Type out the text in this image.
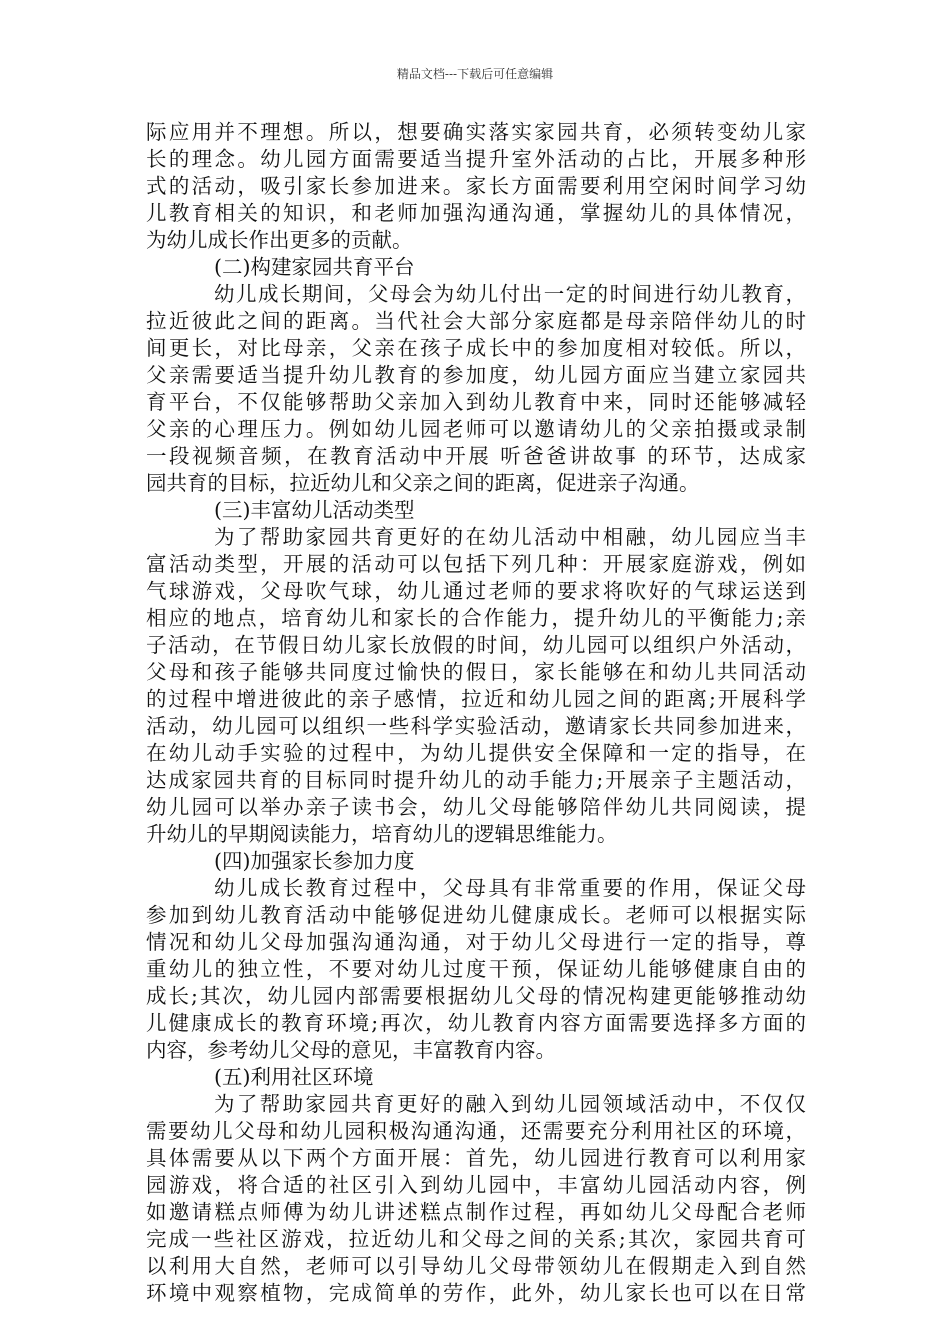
精品文档---下载后可任意编辑
际应用并不理想。所以，想要确实落实家园共育，必须转变幼儿家
长的理念。幼儿园方面需要适当提升室外活动的占比，开展多种形
式的活动，吸引家长参加进来。家长方面需要利用空闲时间学习幼
儿教育相关的知识，和老师加强沟通沟通，掌握幼儿的具体情况，
为幼儿成长作出更多的贡献。
(二)构建家园共育平台
幼儿成长期间，父母会为幼儿付出一定的时间进行幼儿教育，
拉近彼此之间的距离。当代社会大部分家庭都是母亲陪伴幼儿的时
间更长，对比母亲，父亲在孩子成长中的参加度相对较低。所以，
父亲需要适当提升幼儿教育的参加度，幼儿园方面应当建立家园共
育平台，不仅能够帮助父亲加入到幼儿教育中来，同时还能够减轻
父亲的心理压力。例如幼儿园老师可以邀请幼儿的父亲拍摄或录制
一段视频音频，在教育活动中开展 听爸爸讲故事 的环节，达成家
园共育的目标，拉近幼儿和父亲之间的距离，促进亲子沟通。
(三)丰富幼儿活动类型
为了帮助家园共育更好的在幼儿活动中相融，幼儿园应当丰
富活动类型，开展的活动可以包括下列几种：开展家庭游戏，例如
气球游戏，父母吹气球，幼儿通过老师的要求将吹好的气球运送到
相应的地点，培育幼儿和家长的合作能力，提升幼儿的平衡能力;亲
子活动，在节假日幼儿家长放假的时间，幼儿园可以组织户外活动，
父母和孩子能够共同度过愉快的假日，家长能够在和幼儿共同活动
的过程中增进彼此的亲子感情，拉近和幼儿园之间的距离;开展科学
活动，幼儿园可以组织一些科学实验活动，邀请家长共同参加进来，
在幼儿动手实验的过程中，为幼儿提供安全保障和一定的指导，在
达成家园共育的目标同时提升幼儿的动手能力;开展亲子主题活动，
幼儿园可以举办亲子读书会，幼儿父母能够陪伴幼儿共同阅读，提
升幼儿的早期阅读能力，培育幼儿的逻辑思维能力。
(四)加强家长参加力度
幼儿成长教育过程中，父母具有非常重要的作用，保证父母
参加到幼儿教育活动中能够促进幼儿健康成长。老师可以根据实际
情况和幼儿父母加强沟通沟通，对于幼儿父母进行一定的指导，尊
重幼儿的独立性，不要对幼儿过度干预，保证幼儿能够健康自由的
成长;其次，幼儿园内部需要根据幼儿父母的情况构建更能够推动幼
儿健康成长的教育环境;再次，幼儿教育内容方面需要选择多方面的
内容，参考幼儿父母的意见，丰富教育内容。
(五)利用社区环境
为了帮助家园共育更好的融入到幼儿园领域活动中，不仅仅
需要幼儿父母和幼儿园积极沟通沟通，还需要充分利用社区的环境，
具体需要从以下两个方面开展：首先，幼儿园进行教育可以利用家
园游戏，将合适的社区引入到幼儿园中，丰富幼儿园活动内容，例
如邀请糕点师傅为幼儿讲述糕点制作过程，再如幼儿父母配合老师
完成一些社区游戏，拉近幼儿和父母之间的关系;其次，家园共育可
以利用大自然，老师可以引导幼儿父母带领幼儿在假期走入到自然
环境中观察植物，完成简单的劳作，此外，幼儿家长也可以在日常
